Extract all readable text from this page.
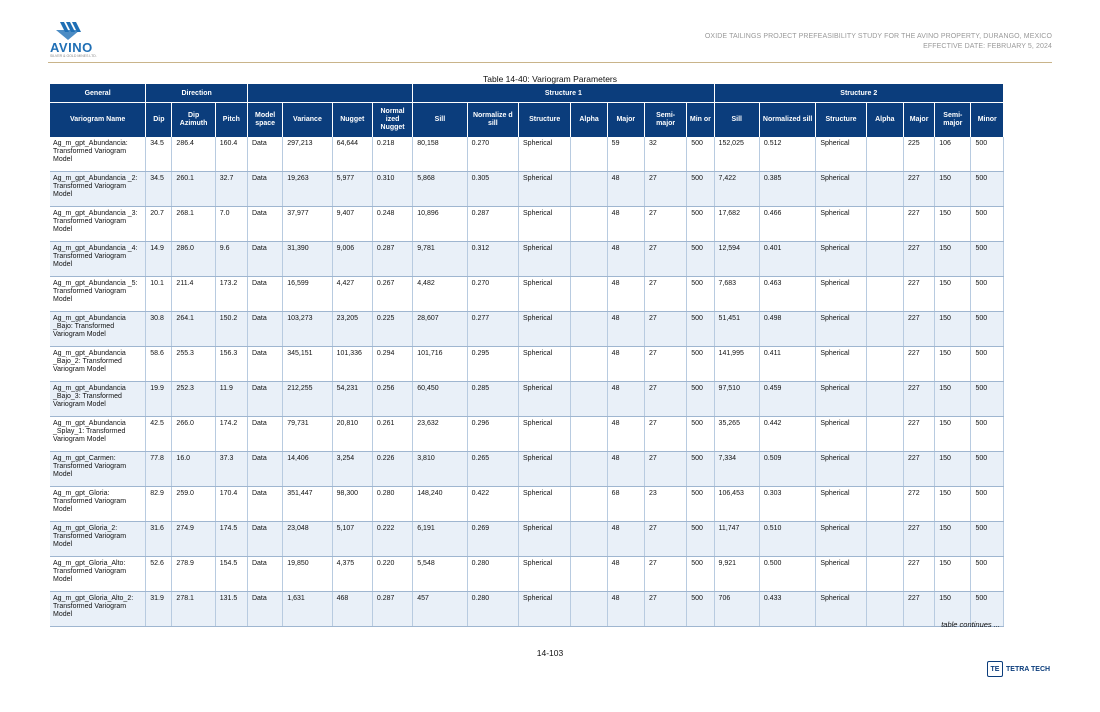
AVINO
SILVER & GOLD MINES LTD.
OXIDE TAILINGS PROJECT PREFEASIBILITY STUDY FOR THE AVINO PROPERTY, DURANGO, MEXICO
EFFECTIVE DATE: FEBRUARY 5, 2024
Table 14-40: Variogram Parameters
General	Direction							Structure 1							Structure 2						
Variogram Name	Dip	Dip Azimuth	Pitch	Model space	Variance	Nugget	Normal ized Nugget	Sill	Normalize d sill	Structure	Alpha	Major	Semi-major	Min or	Sill	Normalized sill	Structure	Alpha	Major	Semi-major	Minor
Ag_m_gpt_Abundancia: Transformed Variogram Model	34.5	286.4	160.4	Data	297,213	64,644	0.218	80,158	0.270	Spherical		59	32	500	152,025	0.512	Spherical		225	106	500
Ag_m_gpt_Abundancia _2: Transformed Variogram Model	34.5	260.1	32.7	Data	19,263	5,977	0.310	5,868	0.305	Spherical		48	27	500	7,422	0.385	Spherical		227	150	500
Ag_m_gpt_Abundancia _3: Transformed Variogram Model	20.7	268.1	7.0	Data	37,977	9,407	0.248	10,896	0.287	Spherical		48	27	500	17,682	0.466	Spherical		227	150	500
Ag_m_gpt_Abundancia _4: Transformed Variogram Model	14.9	286.0	9.6	Data	31,390	9,006	0.287	9,781	0.312	Spherical		48	27	500	12,594	0.401	Spherical		227	150	500
Ag_m_gpt_Abundancia _5: Transformed Variogram Model	10.1	211.4	173.2	Data	16,599	4,427	0.267	4,482	0.270	Spherical		48	27	500	7,683	0.463	Spherical		227	150	500
Ag_m_gpt_Abundancia _Bajo: Transformed Variogram Model	30.8	264.1	150.2	Data	103,273	23,205	0.225	28,607	0.277	Spherical		48	27	500	51,451	0.498	Spherical		227	150	500
Ag_m_gpt_Abundancia _Bajo_2: Transformed Variogram Model	58.6	255.3	156.3	Data	345,151	101,336	0.294	101,716	0.295	Spherical		48	27	500	141,995	0.411	Spherical		227	150	500
Ag_m_gpt_Abundancia _Bajo_3: Transformed Variogram Model	19.9	252.3	11.9	Data	212,255	54,231	0.256	60,450	0.285	Spherical		48	27	500	97,510	0.459	Spherical		227	150	500
Ag_m_gpt_Abundancia _Splay_1: Transformed Variogram Model	42.5	266.0	174.2	Data	79,731	20,810	0.261	23,632	0.296	Spherical		48	27	500	35,265	0.442	Spherical		227	150	500
Ag_m_gpt_Carmen: Transformed Variogram Model	77.8	16.0	37.3	Data	14,406	3,254	0.226	3,810	0.265	Spherical		48	27	500	7,334	0.509	Spherical		227	150	500
Ag_m_gpt_Gloria: Transformed Variogram Model	82.9	259.0	170.4	Data	351,447	98,300	0.280	148,240	0.422	Spherical		68	23	500	106,453	0.303	Spherical		272	150	500
Ag_m_gpt_Gloria_2: Transformed Variogram Model	31.6	274.9	174.5	Data	23,048	5,107	0.222	6,191	0.269	Spherical		48	27	500	11,747	0.510	Spherical		227	150	500
Ag_m_gpt_Gloria_Alto: Transformed Variogram Model	52.6	278.9	154.5	Data	19,850	4,375	0.220	5,548	0.280	Spherical		48	27	500	9,921	0.500	Spherical		227	150	500
Ag_m_gpt_Gloria_Alto_2: Transformed Variogram Model	31.9	278.1	131.5	Data	1,631	468	0.287	457	0.280	Spherical		48	27	500	706	0.433	Spherical		227	150	500
table continues ...
14-103
TE TETRA TECH
